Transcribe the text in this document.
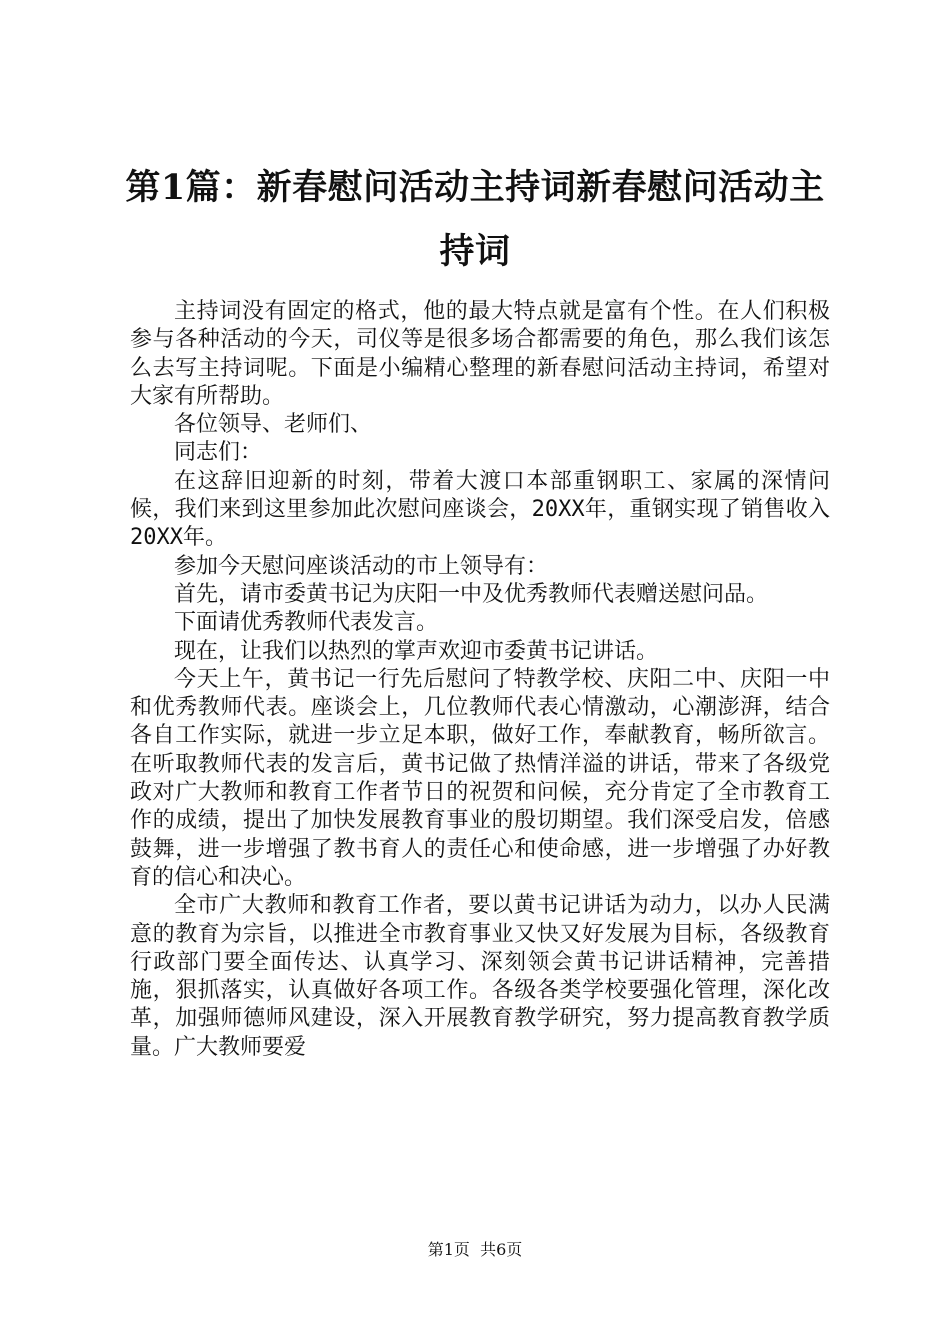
第1篇：新春慰问活动主持词新春慰问活动主持词

主持词没有固定的格式，他的最大特点就是富有个性。在人们积极参与各种活动的今天，司仪等是很多场合都需要的角色，那么我们该怎么去写主持词呢。下面是小编精心整理的新春慰问活动主持词，希望对大家有所帮助。

各位领导、老师们、

同志们：

在这辞旧迎新的时刻，带着大渡口本部重钢职工、家属的深情问候，我们来到这里参加此次慰问座谈会，20XX年，重钢实现了销售收入20XX年。

参加今天慰问座谈活动的市上领导有：

首先，请市委黄书记为庆阳一中及优秀教师代表赠送慰问品。

下面请优秀教师代表发言。

现在，让我们以热烈的掌声欢迎市委黄书记讲话。

今天上午，黄书记一行先后慰问了特教学校、庆阳二中、庆阳一中和优秀教师代表。座谈会上，几位教师代表心情激动，心潮澎湃，结合各自工作实际，就进一步立足本职，做好工作，奉献教育，畅所欲言。在听取教师代表的发言后，黄书记做了热情洋溢的讲话，带来了各级党政对广大教师和教育工作者节日的祝贺和问候，充分肯定了全市教育工作的成绩，提出了加快发展教育事业的殷切期望。我们深受启发，倍感鼓舞，进一步增强了教书育人的责任心和使命感，进一步增强了办好教育的信心和决心。

全市广大教师和教育工作者，要以黄书记讲话为动力，以办人民满意的教育为宗旨，以推进全市教育事业又快又好发展为目标，各级教育行政部门要全面传达、认真学习、深刻领会黄书记讲话精神，完善措施，狠抓落实，认真做好各项工作。各级各类学校要强化管理，深化改革，加强师德师风建设，深入开展教育教学研究，努力提高教育教学质量。广大教师要爱

第1页 共6页
